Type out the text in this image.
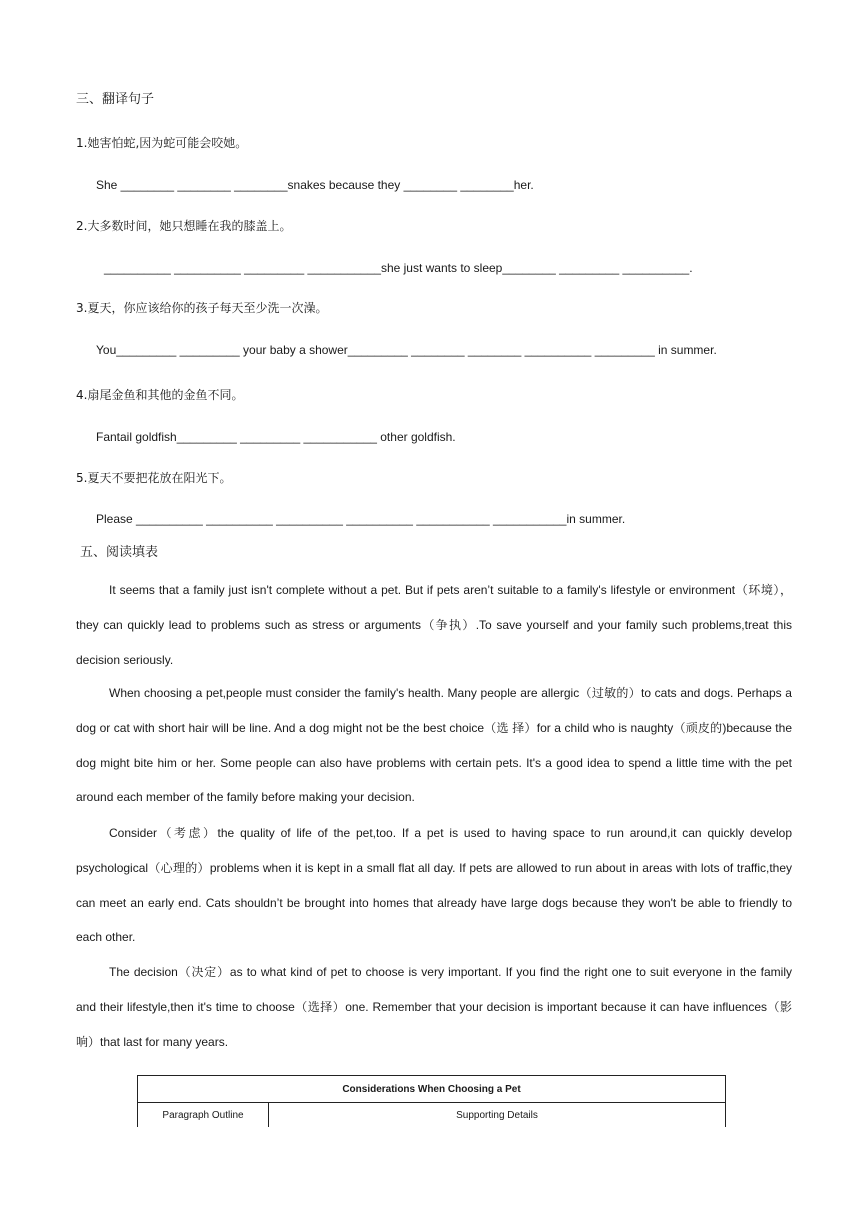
三、翻译句子
1.她害怕蛇,因为蛇可能会咬她。
She ________ ________ ________snakes because they ________ ________her.
2.大多数时间，她只想睡在我的膝盖上。
__________ __________ _________ ___________she just wants to sleep________ _________ __________.
3.夏天，你应该给你的孩子每天至少洗一次澡。
You_________ _________ your baby a shower_________ ________ ________ __________ _________ in summer.
4.扇尾金鱼和其他的金鱼不同。
Fantail goldfish_________ _________ ___________ other goldfish.
5.夏天不要把花放在阳光下。
Please __________ __________ __________ __________ ___________ ___________in summer.
五、阅读填表
It seems that a family just isn't complete without a pet. But if pets aren’t suitable to a family's lifestyle or environment（环境）， they can quickly lead to problems such as stress or arguments（争执）.To save yourself and your family such problems,treat this decision seriously.
When choosing a pet,people must consider the family's health. Many people are allergic（过敏的）to cats and dogs. Perhaps a dog or cat with short hair will be line. And a dog might not be the best choice（选 择）for a child who is naughty（顽皮的)because the dog might bite him or her. Some people can also have problems with certain pets. It's a good idea to spend a little time with the pet around each member of the family before making your decision.
Consider（考虑）the quality of life of the pet,too. If a pet is used to having space to run around,it can quickly develop psychological（心理的）problems when it is kept in a small flat all day. If pets are allowed to run about in areas with lots of traffic,they can meet an early end. Cats shouldn’t be brought into homes that already have large dogs because they won't be able to friendly to each other.
The decision（决定）as to what kind of pet to choose is very important. If you find the right one to suit everyone in the family and their lifestyle,then it's time to choose（选择）one. Remember that your decision is important because it can have influences（影响）that last for many years.
Considerations When Choosing a Pet
Paragraph Outline	Supporting Details
